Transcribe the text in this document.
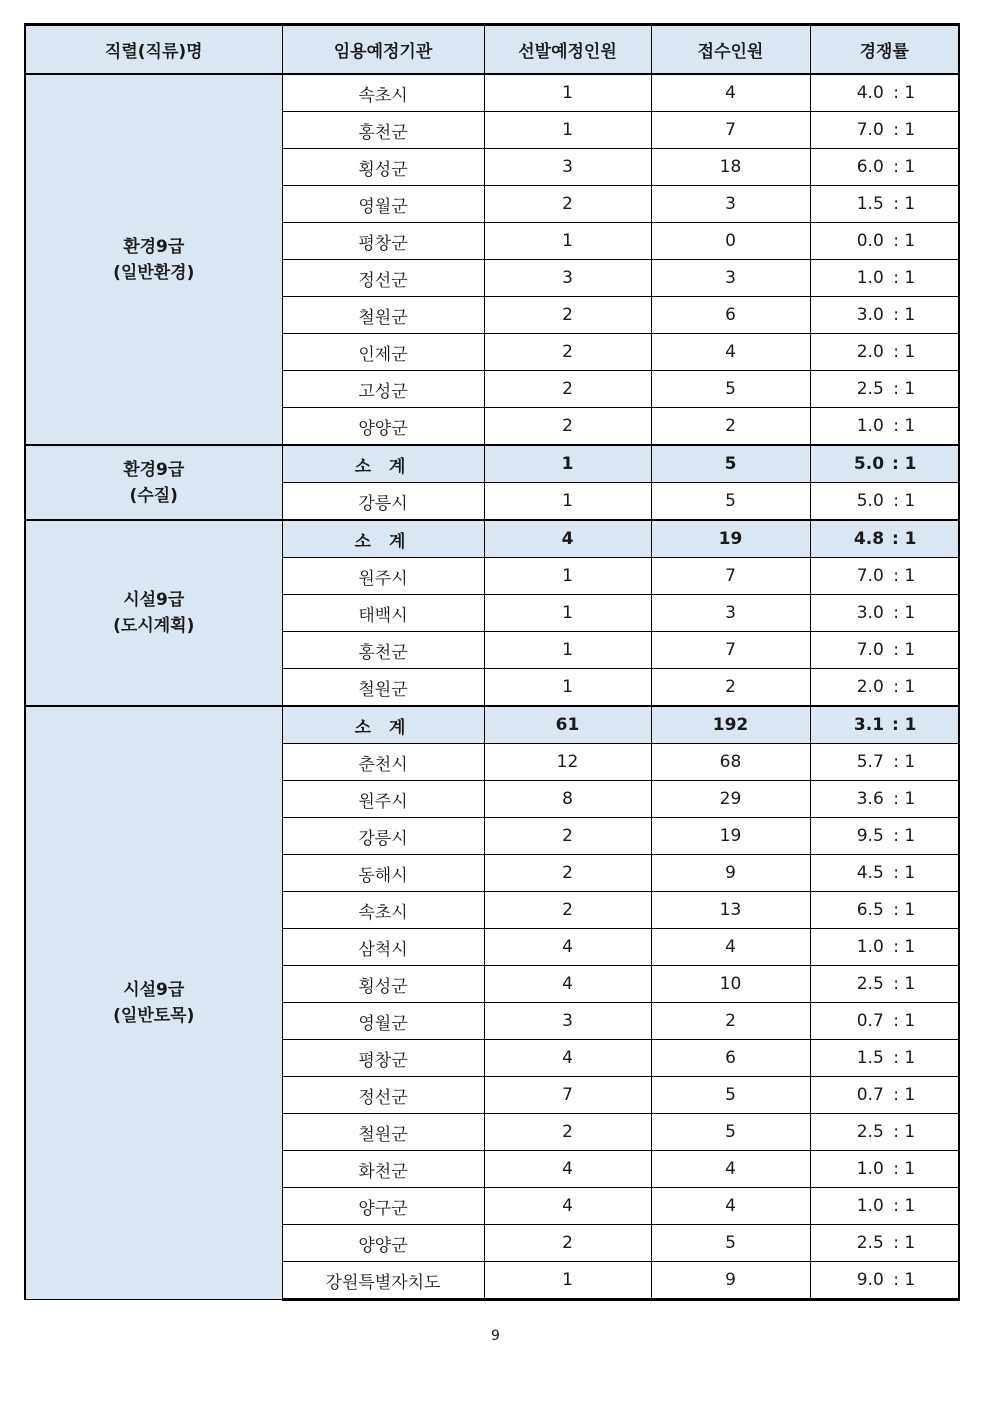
직렬(직류)명	임용예정기관	선발예정인원	접수인원	경쟁률
환경9급
(일반환경)	속초시	1	4	4.0 : 1
	홍천군	1	7	7.0 : 1
	횡성군	3	18	6.0 : 1
	영월군	2	3	1.5 : 1
	평창군	1	0	0.0 : 1
	정선군	3	3	1.0 : 1
	철원군	2	6	3.0 : 1
	인제군	2	4	2.0 : 1
	고성군	2	5	2.5 : 1
	양양군	2	2	1.0 : 1
환경9급
(수질)	소 계	1	5	5.0 : 1
	강릉시	1	5	5.0 : 1
시설9급
(도시계획)	소 계	4	19	4.8 : 1
	원주시	1	7	7.0 : 1
	태백시	1	3	3.0 : 1
	홍천군	1	7	7.0 : 1
	철원군	1	2	2.0 : 1
시설9급
(일반토목)	소 계	61	192	3.1 : 1
	춘천시	12	68	5.7 : 1
	원주시	8	29	3.6 : 1
	강릉시	2	19	9.5 : 1
	동해시	2	9	4.5 : 1
	속초시	2	13	6.5 : 1
	삼척시	4	4	1.0 : 1
	횡성군	4	10	2.5 : 1
	영월군	3	2	0.7 : 1
	평창군	4	6	1.5 : 1
	정선군	7	5	0.7 : 1
	철원군	2	5	2.5 : 1
	화천군	4	4	1.0 : 1
	양구군	4	4	1.0 : 1
	양양군	2	5	2.5 : 1
	강원특별자치도	1	9	9.0 : 1
9
